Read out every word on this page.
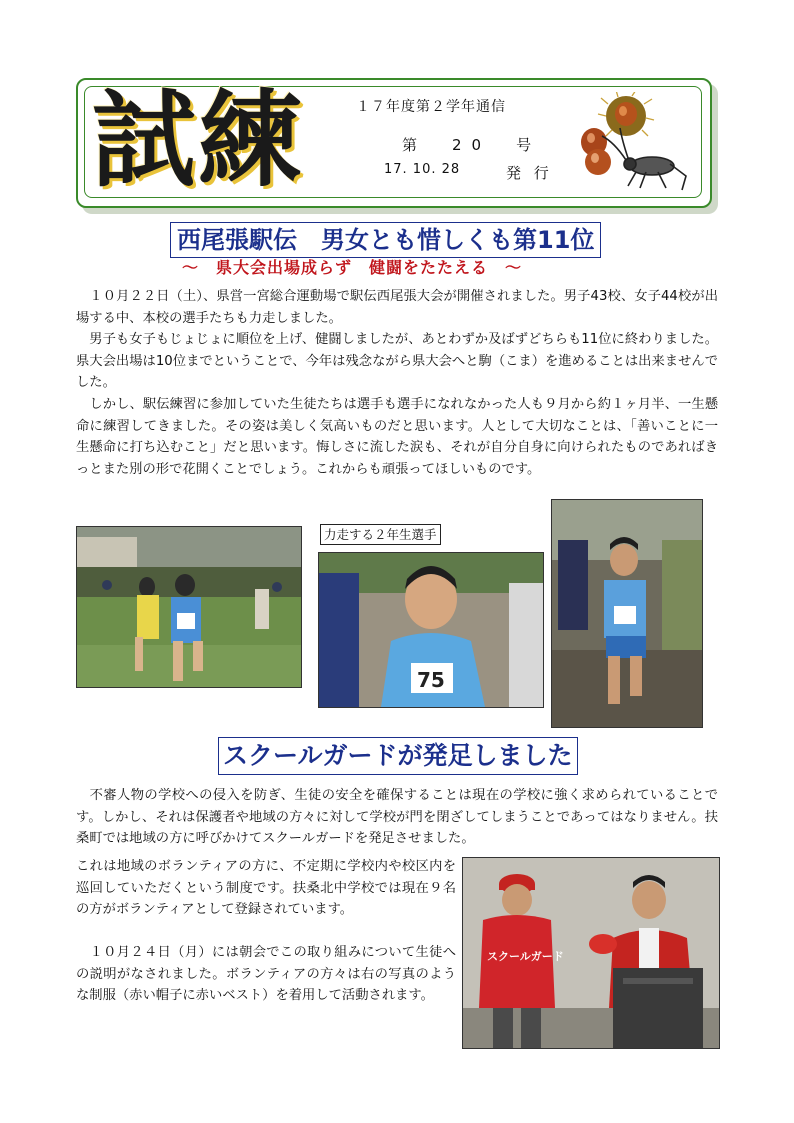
試練	１７年度第２学年通信
第　20　号
17. 10. 28	発 行
西尾張駅伝　男女とも惜しくも第11位
～　県大会出場成らず　健闘をたたえる　～
　１０月２２日（土）、県営一宮総合運動場で駅伝西尾張大会が開催されました。男子43校、女子44校が出場する中、本校の選手たちも力走しました。
　男子も女子もじょじょに順位を上げ、健闘しましたが、あとわずか及ばずどちらも11位に終わりました。県大会出場は10位までということで、今年は残念ながら県大会へと駒（こま）を進めることは出来ませんでした。
　しかし、駅伝練習に参加していた生徒たちは選手も選手になれなかった人も９月から約１ヶ月半、一生懸命に練習してきました。その姿は美しく気高いものだと思います。人として大切なことは、「善いことに一生懸命に打ち込むこと」だと思います。悔しさに流した涙も、それが自分自身に向けられたものであればきっとまた別の形で花開くことでしょう。これからも頑張ってほしいものです。
力走する２年生選手
75
スクールガードが発足しました
　不審人物の学校への侵入を防ぎ、生徒の安全を確保することは現在の学校に強く求められていることです。しかし、それは保護者や地域の方々に対して学校が門を閉ざしてしまうことであってはなりません。扶桑町では地域の方に呼びかけてスクールガードを発足させました。
これは地域のボランティアの方に、不定期に学校内や校区内を巡回していただくという制度です。扶桑北中学校では現在９名の方がボランティアとして登録されています。
　１０月２４日（月）には朝会でこの取り組みについて生徒への説明がなされました。ボランティアの方々は右の写真のような制服（赤い帽子に赤いベスト）を着用して活動されます。
スクールガード
